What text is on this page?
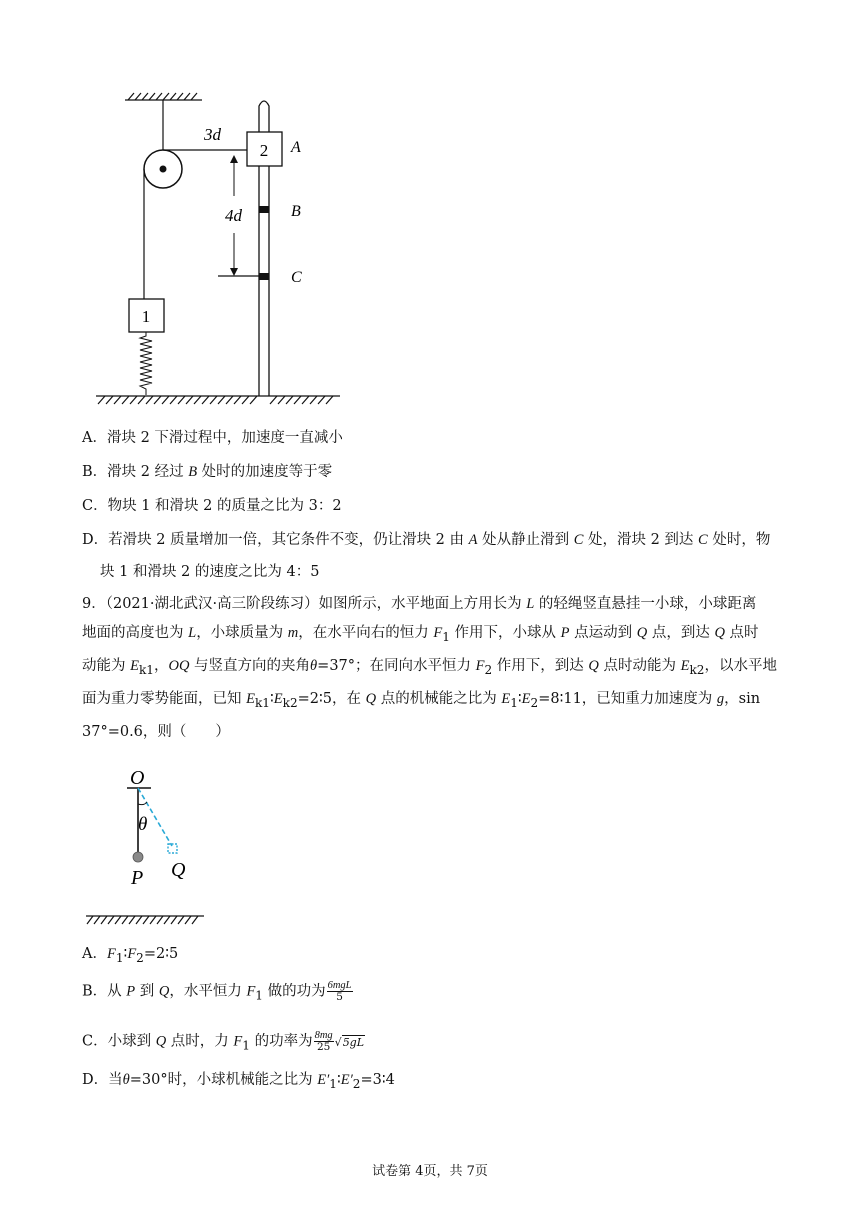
2
3d
A
B
C
4d
1
A．滑块 2 下滑过程中，加速度一直减小
B．滑块 2 经过 B 处时的加速度等于零
C．物块 1 和滑块 2 的质量之比为 3：2
D．若滑块 2 质量增加一倍，其它条件不变，仍让滑块 2 由 A 处从静止滑到 C 处，滑块 2 到达 C 处时，物
块 1 和滑块 2 的速度之比为 4：5
9．（2021·湖北武汉·高三阶段练习）如图所示，水平地面上方用长为 L 的轻绳竖直悬挂一小球，小球距离
地面的高度也为 L，小球质量为 m，在水平向右的恒力 $F_1$ 作用下，小球从 P 点运动到 Q 点，到达 Q 点时
动能为 $E_{k1}$，OQ 与竖直方向的夹角θ=37°；在同向水平恒力 $F_2$ 作用下，到达 Q 点时动能为 $E_{k2}$，以水平地
面为重力零势能面，已知 $E_{k1}∶E_{k2}=2∶5$，在 Q 点的机械能之比为 $E_1∶E_2=8∶11$，已知重力加速度为 g，sin
37°=0.6，则（　　）
O
θ
P Q
A．$F_1∶F_2=2∶5$
B．从 P 到 Q，水平恒力 $F_1$ 做的功为 $\frac{\text{6mgL}}{5}$
C．小球到 Q 点时，力 $F_1$ 的功率为 $\frac{8mg}{25} √5gL$
D．当θ=30°时，小球机械能之比为 $E'_1∶E'_2=3∶4$
试卷第 4页，共 7页
